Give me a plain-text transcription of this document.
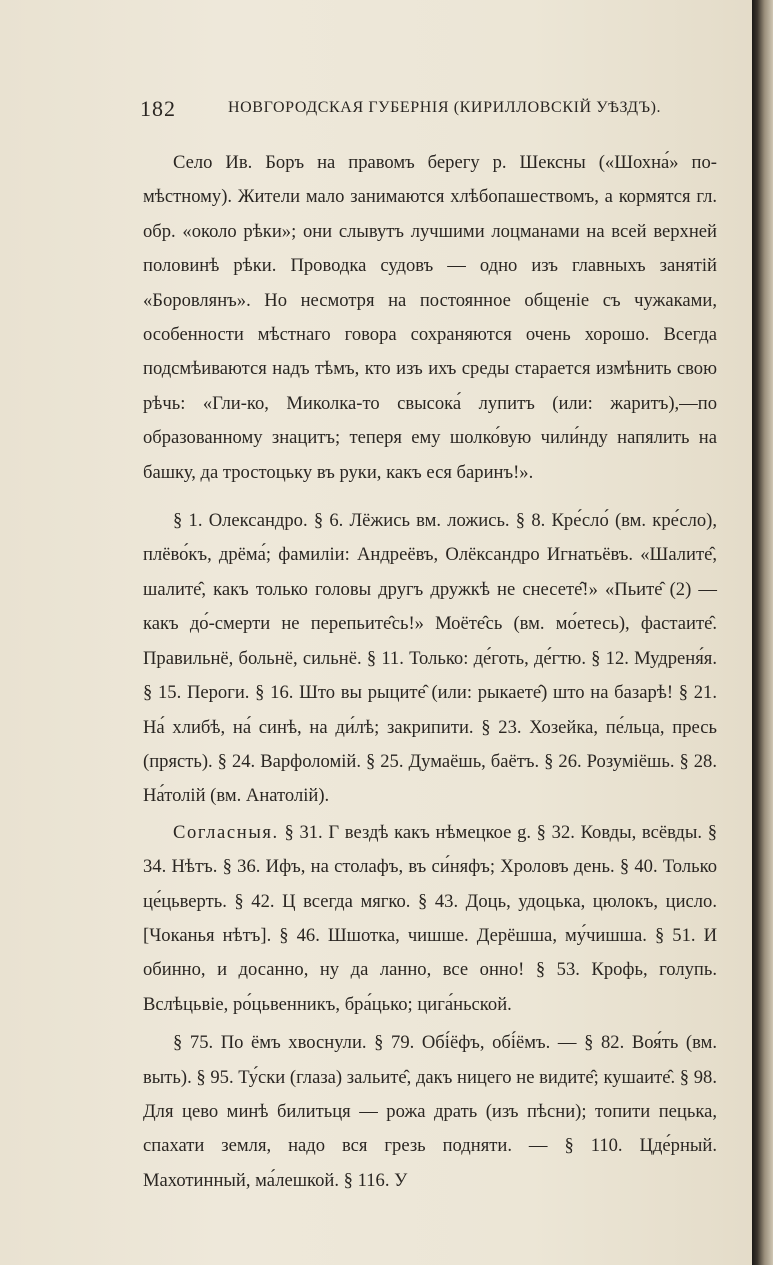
182	НОВГОРОДСКАЯ ГУБЕРНІЯ (КИРИЛЛОВСКІЙ УѢЗДЪ).

Село Ив. Боръ на правомъ берегу р. Шексны («Шохна́» по-мѣстному). Жители мало занимаются хлѣбопашествомъ, а кормятся гл. обр. «около рѣки»; они слывутъ лучшими лоцманами на всей верхней половинѣ рѣки. Проводка судовъ — одно изъ главныхъ занятій «Боровлянъ». Но несмотря на постоянное общеніе съ чужаками, особенности мѣстнаго говора сохраняются очень хорошо. Всегда подсмѣиваются надъ тѣмъ, кто изъ ихъ среды старается измѣнить свою рѣчь: «Гли-ко, Миколка-то свысока́ лупитъ (или: жаритъ),—по образованному знацитъ; теперя ему шолко́вую чили́нду напялить на башку, да тростоцьку въ руки, какъ еся баринъ!».

§ 1. Олександро. § 6. Лёжись вм. ложись. § 8. Кре́сло́ (вм. кре́сло), плёво́къ, дрёма́; фамиліи: Андреёвъ, Олёксандро Игнатьёвъ. «Шалите̂, шалите̂, какъ только головы другъ дружкѣ не снесете̂!» «Пьите̂ (2) — какъ до́-смерти не перепьите̂сь!» Моёте̂сь (вм. мо́етесь), фастаите̂. Правильнё, больнё, сильнё. § 11. Только: де́готь, де́гтю. § 12. Мудреня́я. § 15. Пероги. § 16. Што вы рыците̂ (или: рыкаете̂) што на базарѣ! § 21. На́ хлибѣ, на́ синѣ, на ди́лѣ; закрипити. § 23. Хозейка, пе́льца, пресь (прясть). § 24. Варфоломій. § 25. Думаёшь, баётъ. § 26. Розуміёшь. § 28. На́толій (вм. Анатолій).

Согласныя. § 31. Г вездѣ какъ нѣмецкое g. § 32. Ковды, всёвды. § 34. Нѣтъ. § 36. Ифъ, на столафъ, въ си́няфъ; Хроловъ день. § 40. Только це́цьверть. § 42. Ц всегда мягко. § 43. Доць, удоцька, цюлокъ, цисло. [Чоканья нѣтъ]. § 46. Шшотка, чишше. Дерёшша, му́чишша. § 51. И обинно, и досанно, ну да ланно, все онно! § 53. Крофь, голупь. Вслѣцьвіе, ро́цьвенникъ, бра́цько; цига́ньской.

§ 75. По ёмъ хвоснули. § 79. Обі́ёфъ, обі́ёмъ. — § 82. Воя́ть (вм. выть). § 95. Ту́ски (глаза) зальите̂, дакъ ницего не видите̂; кушаите̂. § 98. Для цево минѣ билитьця — рожа драть (изъ пѣсни); топити пецька, спахати земля, надо вся грезь подняти. — § 110. Цде́рный. Махотинный, ма́лешкой. § 116. У
